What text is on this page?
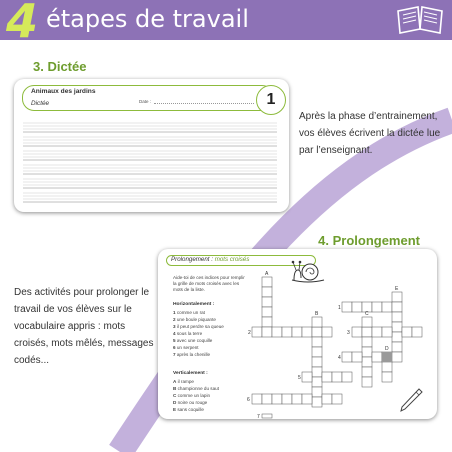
4 étapes de travail
3. Dictée
Animaux des jardins
Dictée	Date :	1
Après la phase d’entrainement, vos élèves écrivent la dictée lue par l’enseignant.
4. Prolongement
Des activités pour prolonger le travail de vos élèves sur le vocabulaire appris : mots croisés, mots mêlés, messages codés...
Prolongement : mots croisés
Aide-toi de ces indices pour remplir la grille de mots croisés avec les mots de la liste.
Horizontalement :
1 comme un rat
2 une boule piquante
3 il peut perdre sa queue
4 sous la terre
5 avec une coquille
6 un serpent
7 après la chenille
Verticalement :
A il rampe
B championne du saut
C comme un lapin
D noire ou rouge
E sans coquille
1
2	3
4
5
6
7
A
B	C
D
E
